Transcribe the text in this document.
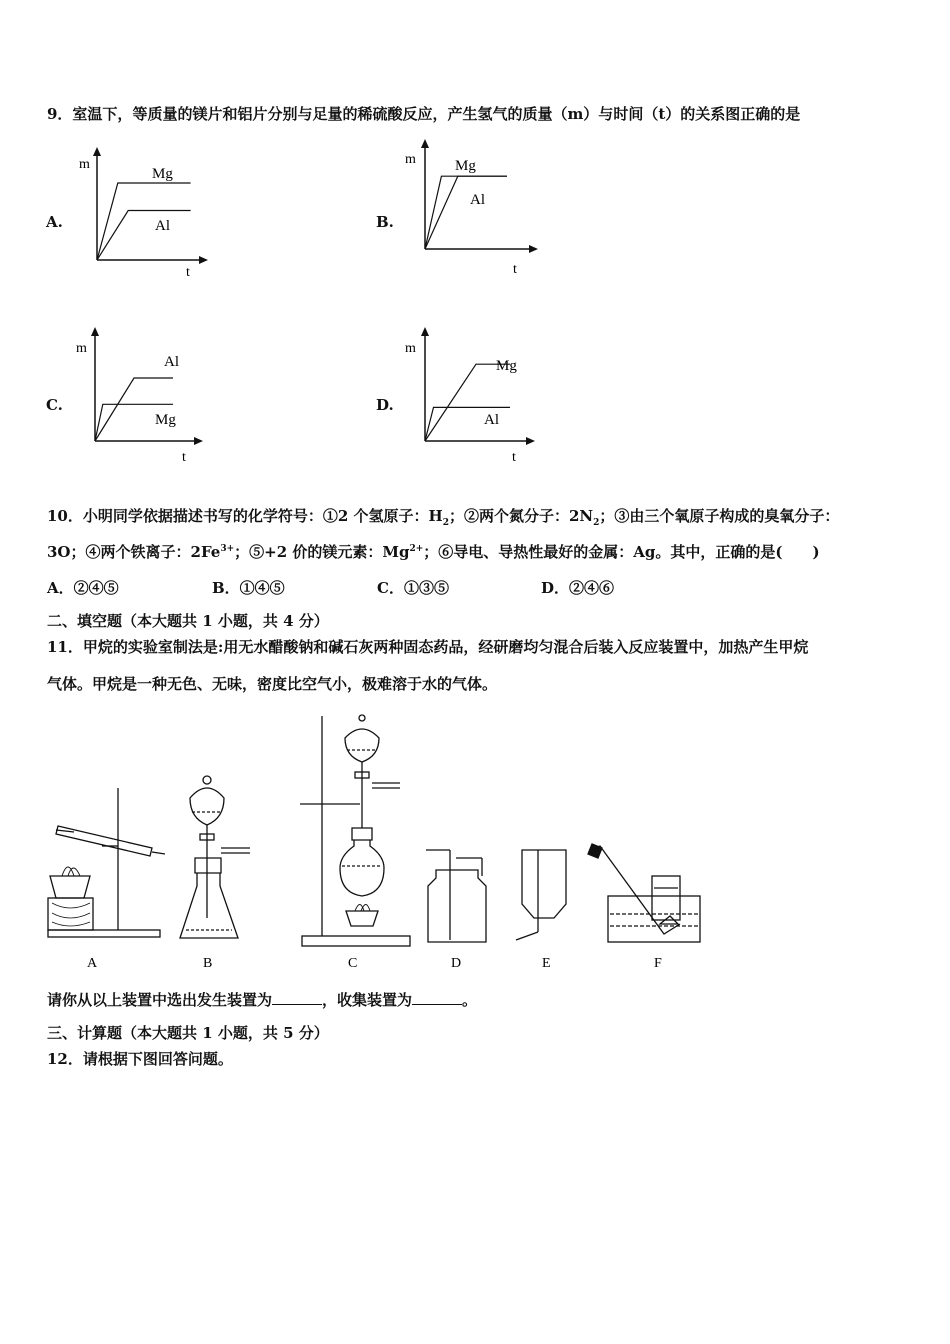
9．室温下，等质量的镁片和铝片分别与足量的稀硫酸反应，产生氢气的质量（m）与时间（t）的关系图正确的是
A.
m
t
Mg
Al	B.
m
t
Mg
Al
C.
m
t
Al
Mg
D.
m
t
Mg
Al
10．小明同学依据描述书写的化学符号：①2 个氢原子：$H_2$；②两个氮分子：$2N_2$；③由三个氧原子构成的臭氧分子：
3O；④两个铁离子：$2Fe^{3+}$；⑤+2 价的镁元素：$Mg^{2+}$；⑥导电、导热性最好的金属：Ag。其中，正确的是(　　)
A．②④⑤	B．①④⑤	C．①③⑤	D．②④⑥
二、填空题（本大题共 1 小题，共 4 分）
11．甲烷的实验室制法是:用无水醋酸钠和碱石灰两种固态药品，经研磨均匀混合后装入反应装置中，加热产生甲烷
气体。甲烷是一种无色、无味，密度比空气小，极难溶于水的气体。
A	B	C	D	E	F
请你从以上装置中选出发生装置为	，收集装置为	。
三、计算题（本大题共 1 小题，共 5 分）
12．请根据下图回答问题。
